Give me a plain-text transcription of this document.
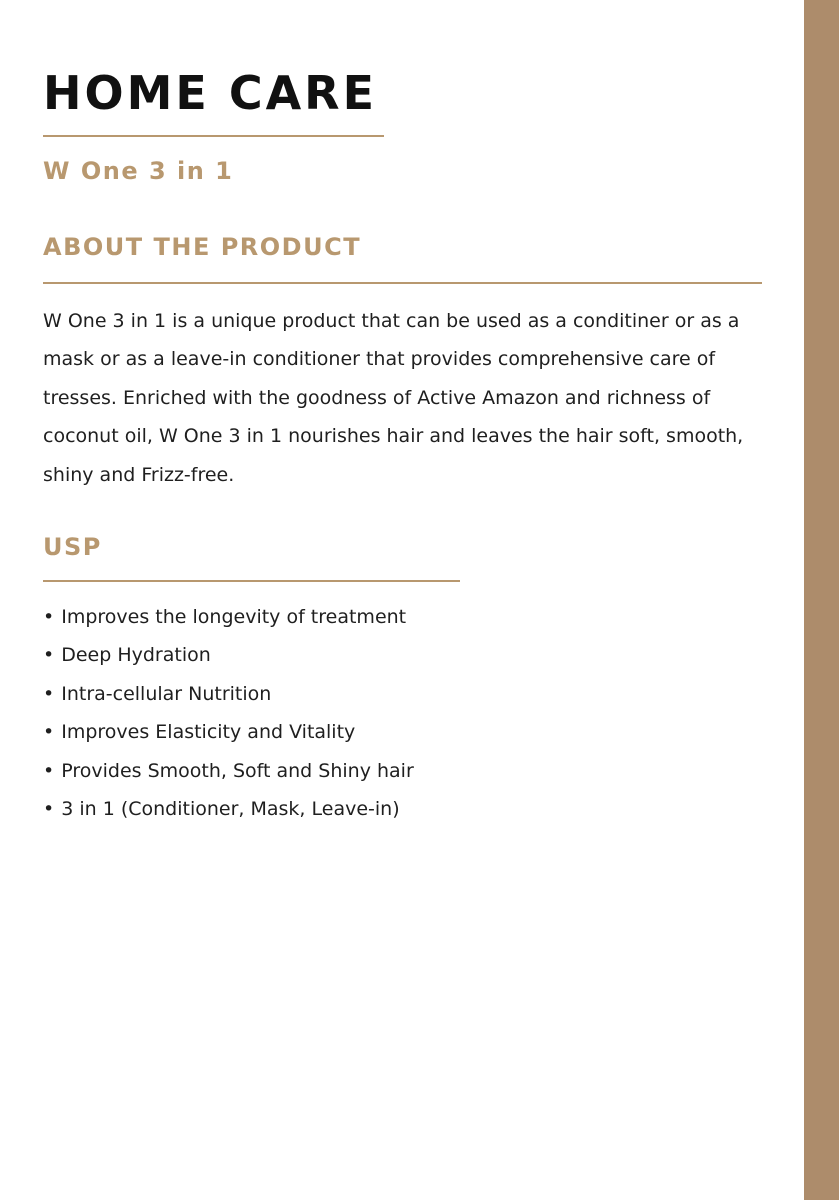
HOME CARE
W One 3 in 1
ABOUT THE PRODUCT

W One 3 in 1 is a unique product that can be used as a conditiner or as a mask or as a leave-in conditioner that provides comprehensive care of tresses. Enriched with the goodness of Active Amazon and richness of coconut oil, W One 3 in 1 nourishes hair and leaves the hair soft, smooth, shiny and Frizz-free.

USP
• Improves the longevity of treatment
• Deep Hydration
• Intra-cellular Nutrition
• Improves Elasticity and Vitality
• Provides Smooth, Soft and Shiny hair
• 3 in 1 (Conditioner, Mask, Leave-in)
